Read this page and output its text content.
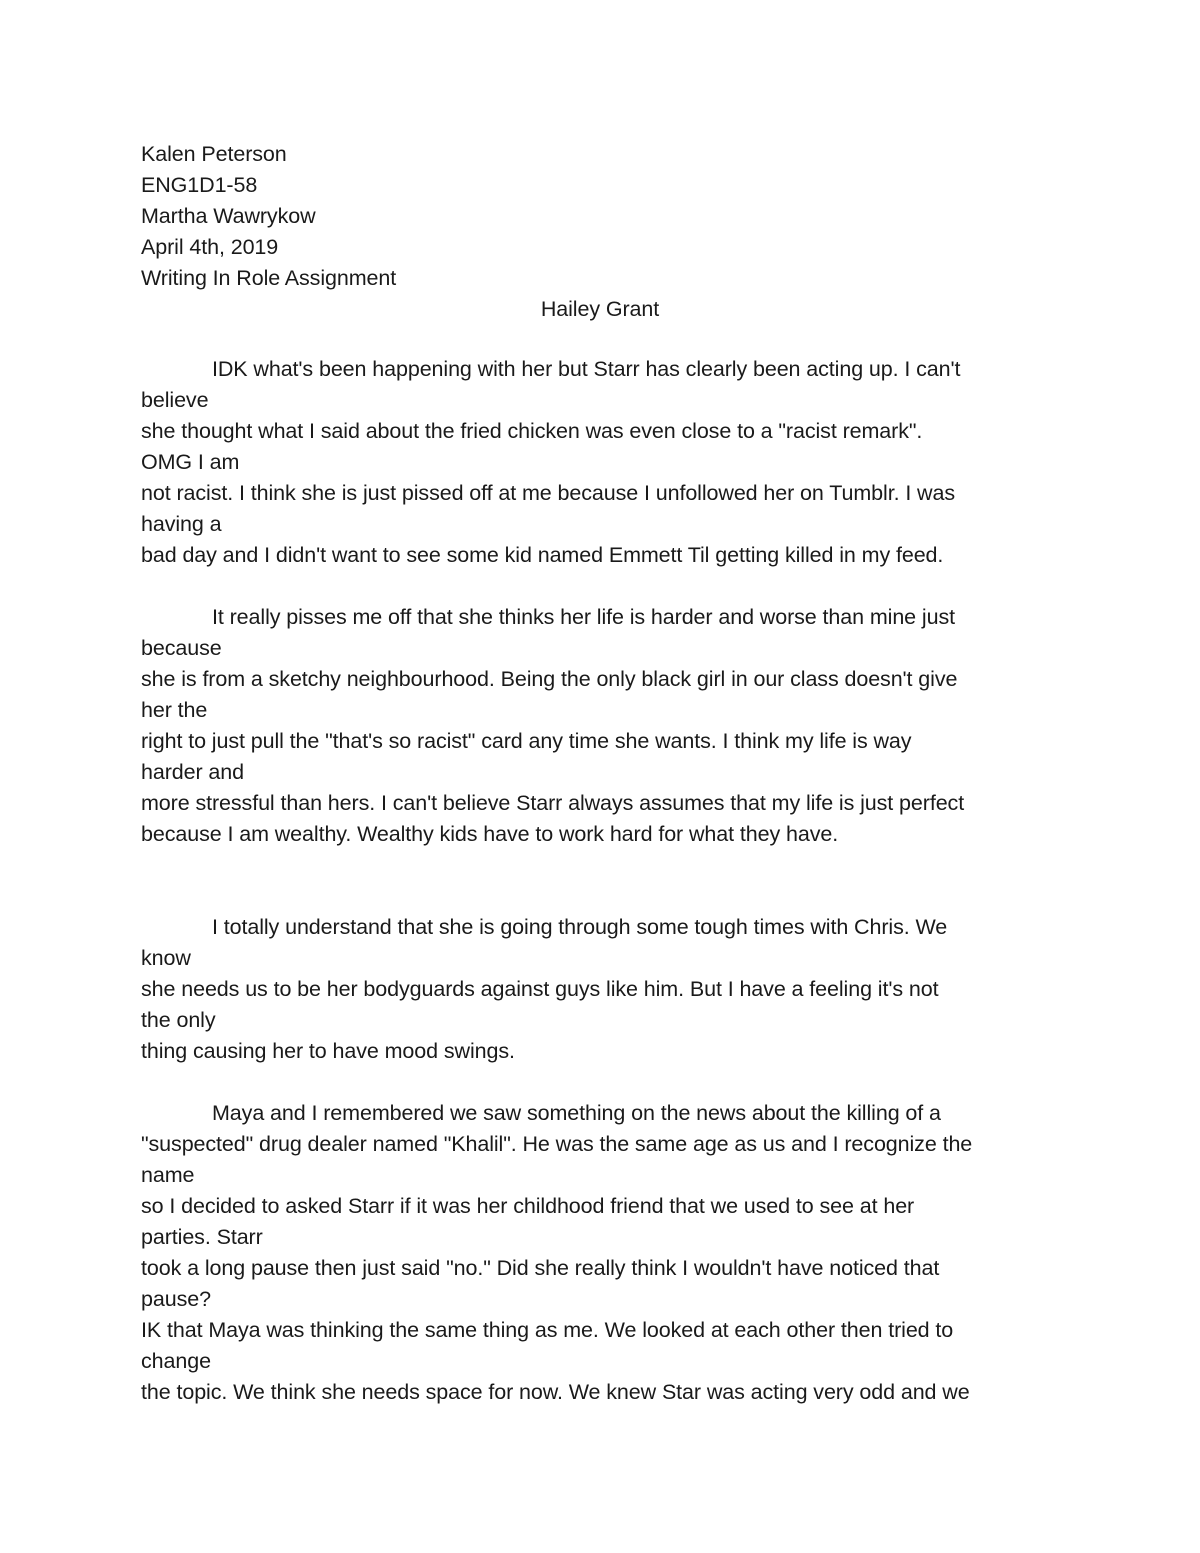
Kalen Peterson
ENG1D1-58
Martha Wawrykow
April 4th, 2019
Writing In Role Assignment
Hailey Grant
IDK what's been happening with her but Starr has clearly been acting up. I can't
believe
she thought what I said about the fried chicken was even close to a "racist remark".
OMG I am
not racist. I think she is just pissed off at me because I unfollowed her on Tumblr. I was
having a
bad day and I didn't want to see some kid named Emmett Til getting killed in my feed.
It really pisses me off that she thinks her life is harder and worse than mine just
because
she is from a sketchy neighbourhood. Being the only black girl in our class doesn't give
her the
right to just pull the "that's so racist" card any time she wants. I think my life is way
harder and
more stressful than hers. I can't believe Starr always assumes that my life is just perfect
because I am wealthy. Wealthy kids have to work hard for what they have.
I totally understand that she is going through some tough times with Chris. We
know
she needs us to be her bodyguards against guys like him. But I have a feeling it's not
the only
thing causing her to have mood swings.
Maya and I remembered we saw something on the news about the killing of a
"suspected" drug dealer named "Khalil". He was the same age as us and I recognize the
name
so I decided to asked Starr if it was her childhood friend that we used to see at her
parties. Starr
took a long pause then just said "no." Did she really think I wouldn't have noticed that
pause?
IK that Maya was thinking the same thing as me. We looked at each other then tried to
change
the topic. We think she needs space for now. We knew Star was acting very odd and we
